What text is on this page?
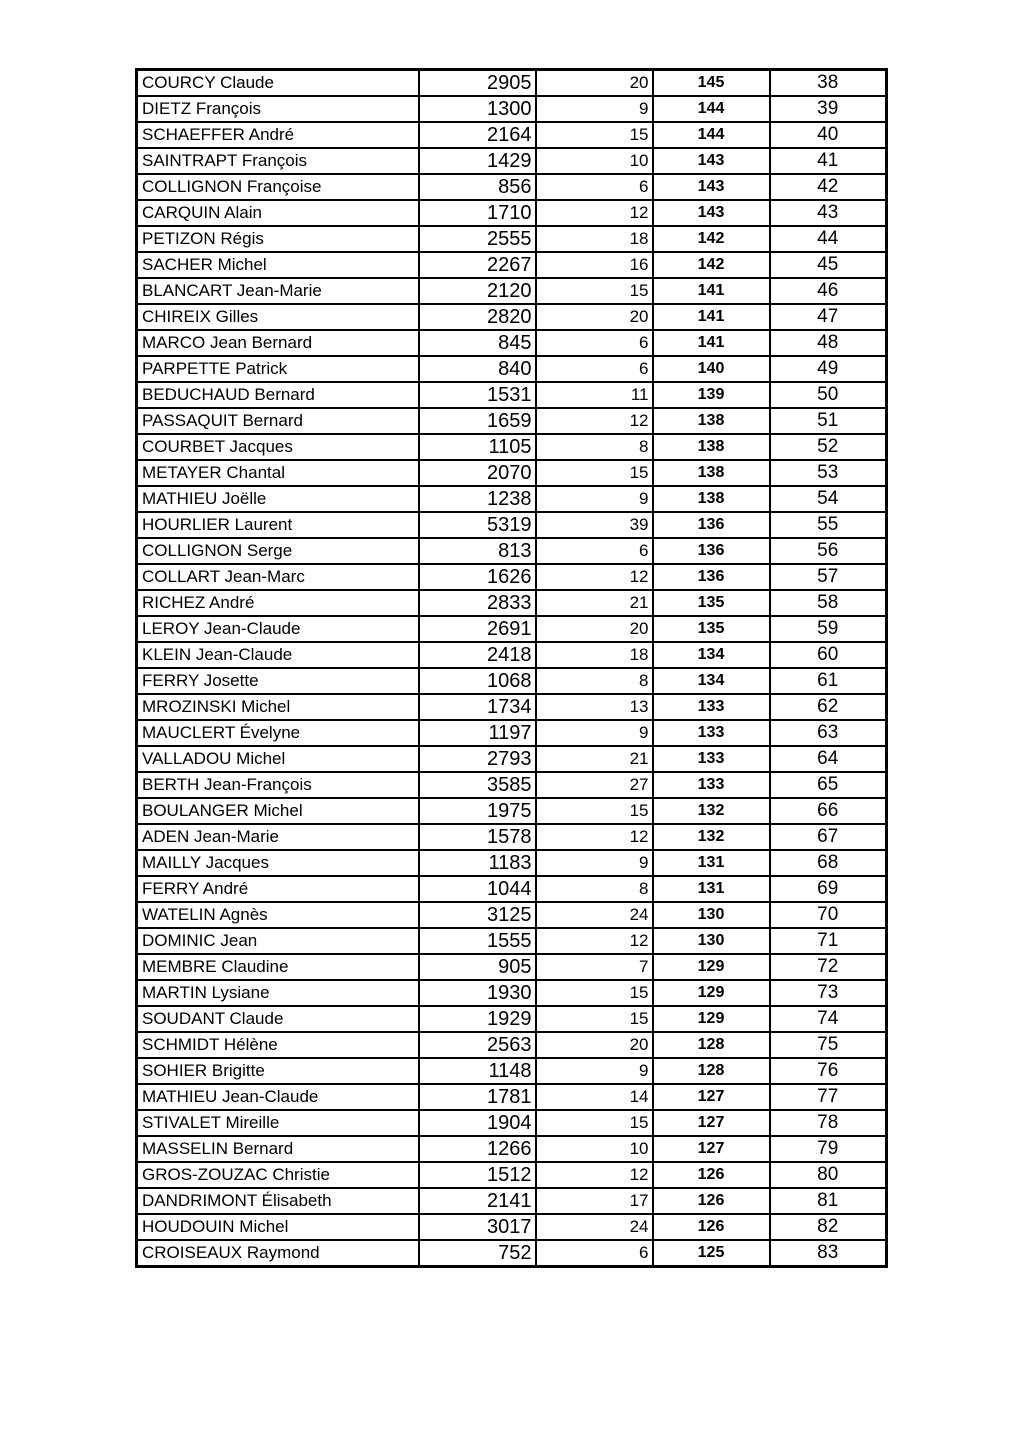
COURCY Claude	2905	20	145	38
DIETZ François	1300	9	144	39
SCHAEFFER André	2164	15	144	40
SAINTRAPT François	1429	10	143	41
COLLIGNON Françoise	856	6	143	42
CARQUIN Alain	1710	12	143	43
PETIZON Régis	2555	18	142	44
SACHER Michel	2267	16	142	45
BLANCART Jean-Marie	2120	15	141	46
CHIREIX Gilles	2820	20	141	47
MARCO Jean Bernard	845	6	141	48
PARPETTE Patrick	840	6	140	49
BEDUCHAUD Bernard	1531	11	139	50
PASSAQUIT Bernard	1659	12	138	51
COURBET Jacques	1105	8	138	52
METAYER Chantal	2070	15	138	53
MATHIEU Joëlle	1238	9	138	54
HOURLIER Laurent	5319	39	136	55
COLLIGNON Serge	813	6	136	56
COLLART Jean-Marc	1626	12	136	57
RICHEZ André	2833	21	135	58
LEROY Jean-Claude	2691	20	135	59
KLEIN Jean-Claude	2418	18	134	60
FERRY Josette	1068	8	134	61
MROZINSKI Michel	1734	13	133	62
MAUCLERT Évelyne	1197	9	133	63
VALLADOU Michel	2793	21	133	64
BERTH Jean-François	3585	27	133	65
BOULANGER Michel	1975	15	132	66
ADEN Jean-Marie	1578	12	132	67
MAILLY Jacques	1183	9	131	68
FERRY André	1044	8	131	69
WATELIN Agnès	3125	24	130	70
DOMINIC Jean	1555	12	130	71
MEMBRE Claudine	905	7	129	72
MARTIN Lysiane	1930	15	129	73
SOUDANT Claude	1929	15	129	74
SCHMIDT Hélène	2563	20	128	75
SOHIER Brigitte	1148	9	128	76
MATHIEU Jean-Claude	1781	14	127	77
STIVALET Mireille	1904	15	127	78
MASSELIN Bernard	1266	10	127	79
GROS-ZOUZAC Christie	1512	12	126	80
DANDRIMONT Élisabeth	2141	17	126	81
HOUDOUIN Michel	3017	24	126	82
CROISEAUX Raymond	752	6	125	83
